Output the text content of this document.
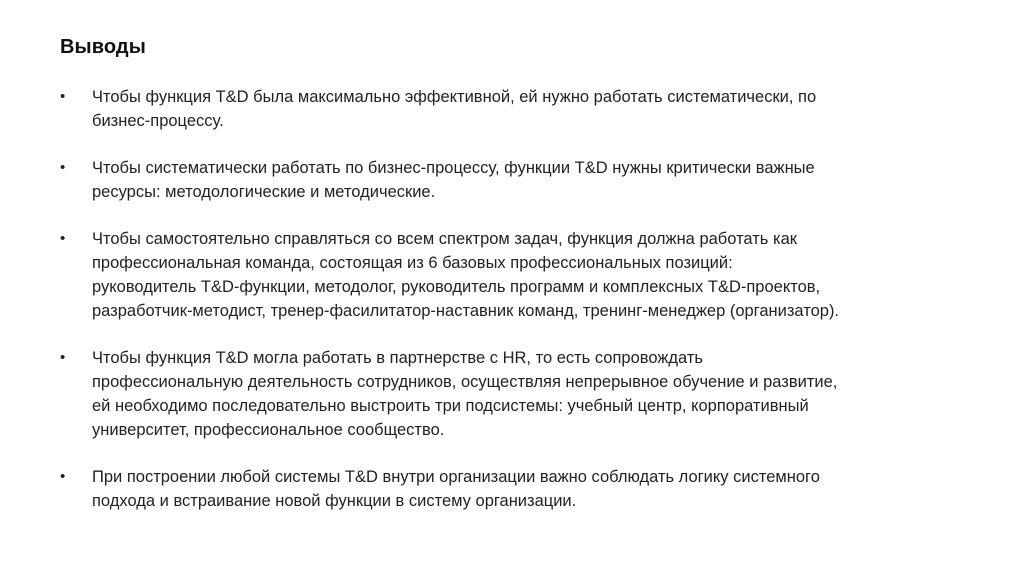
Выводы
•	Чтобы функция T&D была максимально эффективной, ей нужно работать систематически, по
бизнес-процессу.
•	Чтобы систематически работать по бизнес-процессу, функции T&D нужны критически важные
ресурсы: методологические и методические.
•	Чтобы самостоятельно справляться со всем спектром задач, функция должна работать как
профессиональная команда, состоящая из 6 базовых профессиональных позиций:
руководитель T&D-функции, методолог, руководитель программ и комплексных T&D-проектов,
разработчик-методист, тренер-фасилитатор-наставник команд, тренинг-менеджер (организатор).
•	Чтобы функция T&D могла работать в партнерстве с HR, то есть сопровождать
профессиональную деятельность сотрудников, осуществляя непрерывное обучение и развитие,
ей необходимо последовательно выстроить три подсистемы: учебный центр, корпоративный
университет, профессиональное сообщество.
•	При построении любой системы T&D внутри организации важно соблюдать логику системного
подхода и встраивание новой функции в систему организации.
